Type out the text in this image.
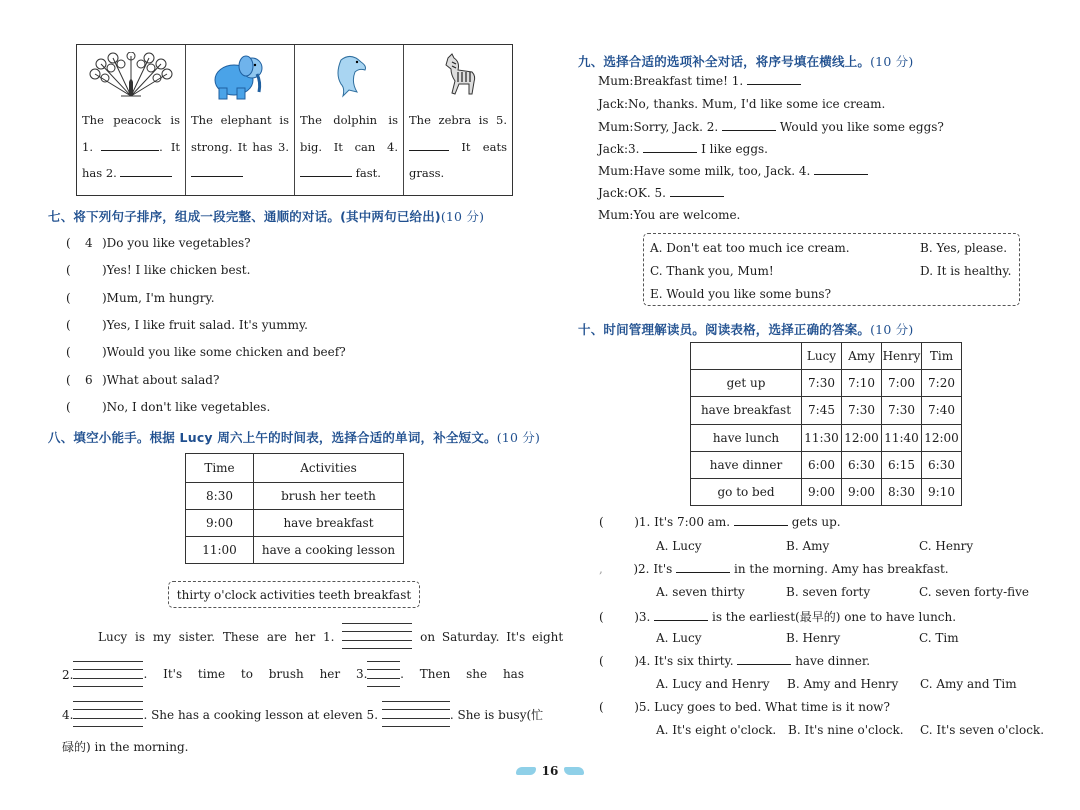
The peacock is 1.	. It has 2.
The elephant is strong. It has 3.
The dolphin is big. It can 4.  fast.
The zebra is 5.  It eats grass.
七、将下列句子排序，组成一段完整、通顺的对话。(其中两句已给出)(10 分)
( 4 )Do you like vegetables?
(	)Yes! I like chicken best.
(	)Mum, I'm hungry.
(	)Yes, I like fruit salad. It's yummy.
(	)Would you like some chicken and beef?
( 6 )What about salad?
(	)No, I don't like vegetables.
八、填空小能手。根据 Lucy 周六上午的时间表，选择合适的单词，补全短文。(10 分)
Time	Activities
8:30	brush her teeth
9:00	have breakfast
11:00	have a cooking lesson
thirty o'clock activities teeth breakfast
Lucy is my sister. These are her 1.	on Saturday. It's eight
2.	. It's time to brush her 3.	. Then she has
4.	. She has a cooking lesson at eleven 5.	. She is busy(忙
碌的) in the morning.
九、选择合适的选项补全对话，将序号填在横线上。(10 分)
Mum:Breakfast time! 1.
Jack:No, thanks. Mum, I'd like some ice cream.
Mum:Sorry, Jack. 2.	Would you like some eggs?
Jack:3.	I like eggs.
Mum:Have some milk, too, Jack. 4.
Jack:OK. 5.
Mum:You are welcome.
A. Don't eat too much ice cream.	B. Yes, please.
C. Thank you, Mum!	D. It is healthy.
E. Would you like some buns?
十、时间管理解读员。阅读表格，选择正确的答案。(10 分)
	Lucy	Amy	Henry	Tim
get up	7:30	7:10	7:00	7:20
have breakfast	7:45	7:30	7:30	7:40
have lunch	11:30	12:00	11:40	12:00
have dinner	6:00	6:30	6:15	6:30
go to bed	9:00	9:00	8:30	9:10
(        )1. It's 7:00 am.	gets up.
A. Lucy	B. Amy	C. Henry
,        )2. It's	in the morning. Amy has breakfast.
A. seven thirty	B. seven forty	C. seven forty-five
(        )3.	is the earliest(最早的) one to have lunch.
A. Lucy	B. Henry	C. Tim
(        )4. It's six thirty.	have dinner.
A. Lucy and Henry B. Amy and Henry C. Amy and Tim
(        )5. Lucy goes to bed. What time is it now?
A. It's eight o'clock. B. It's nine o'clock. C. It's seven o'clock.
16
